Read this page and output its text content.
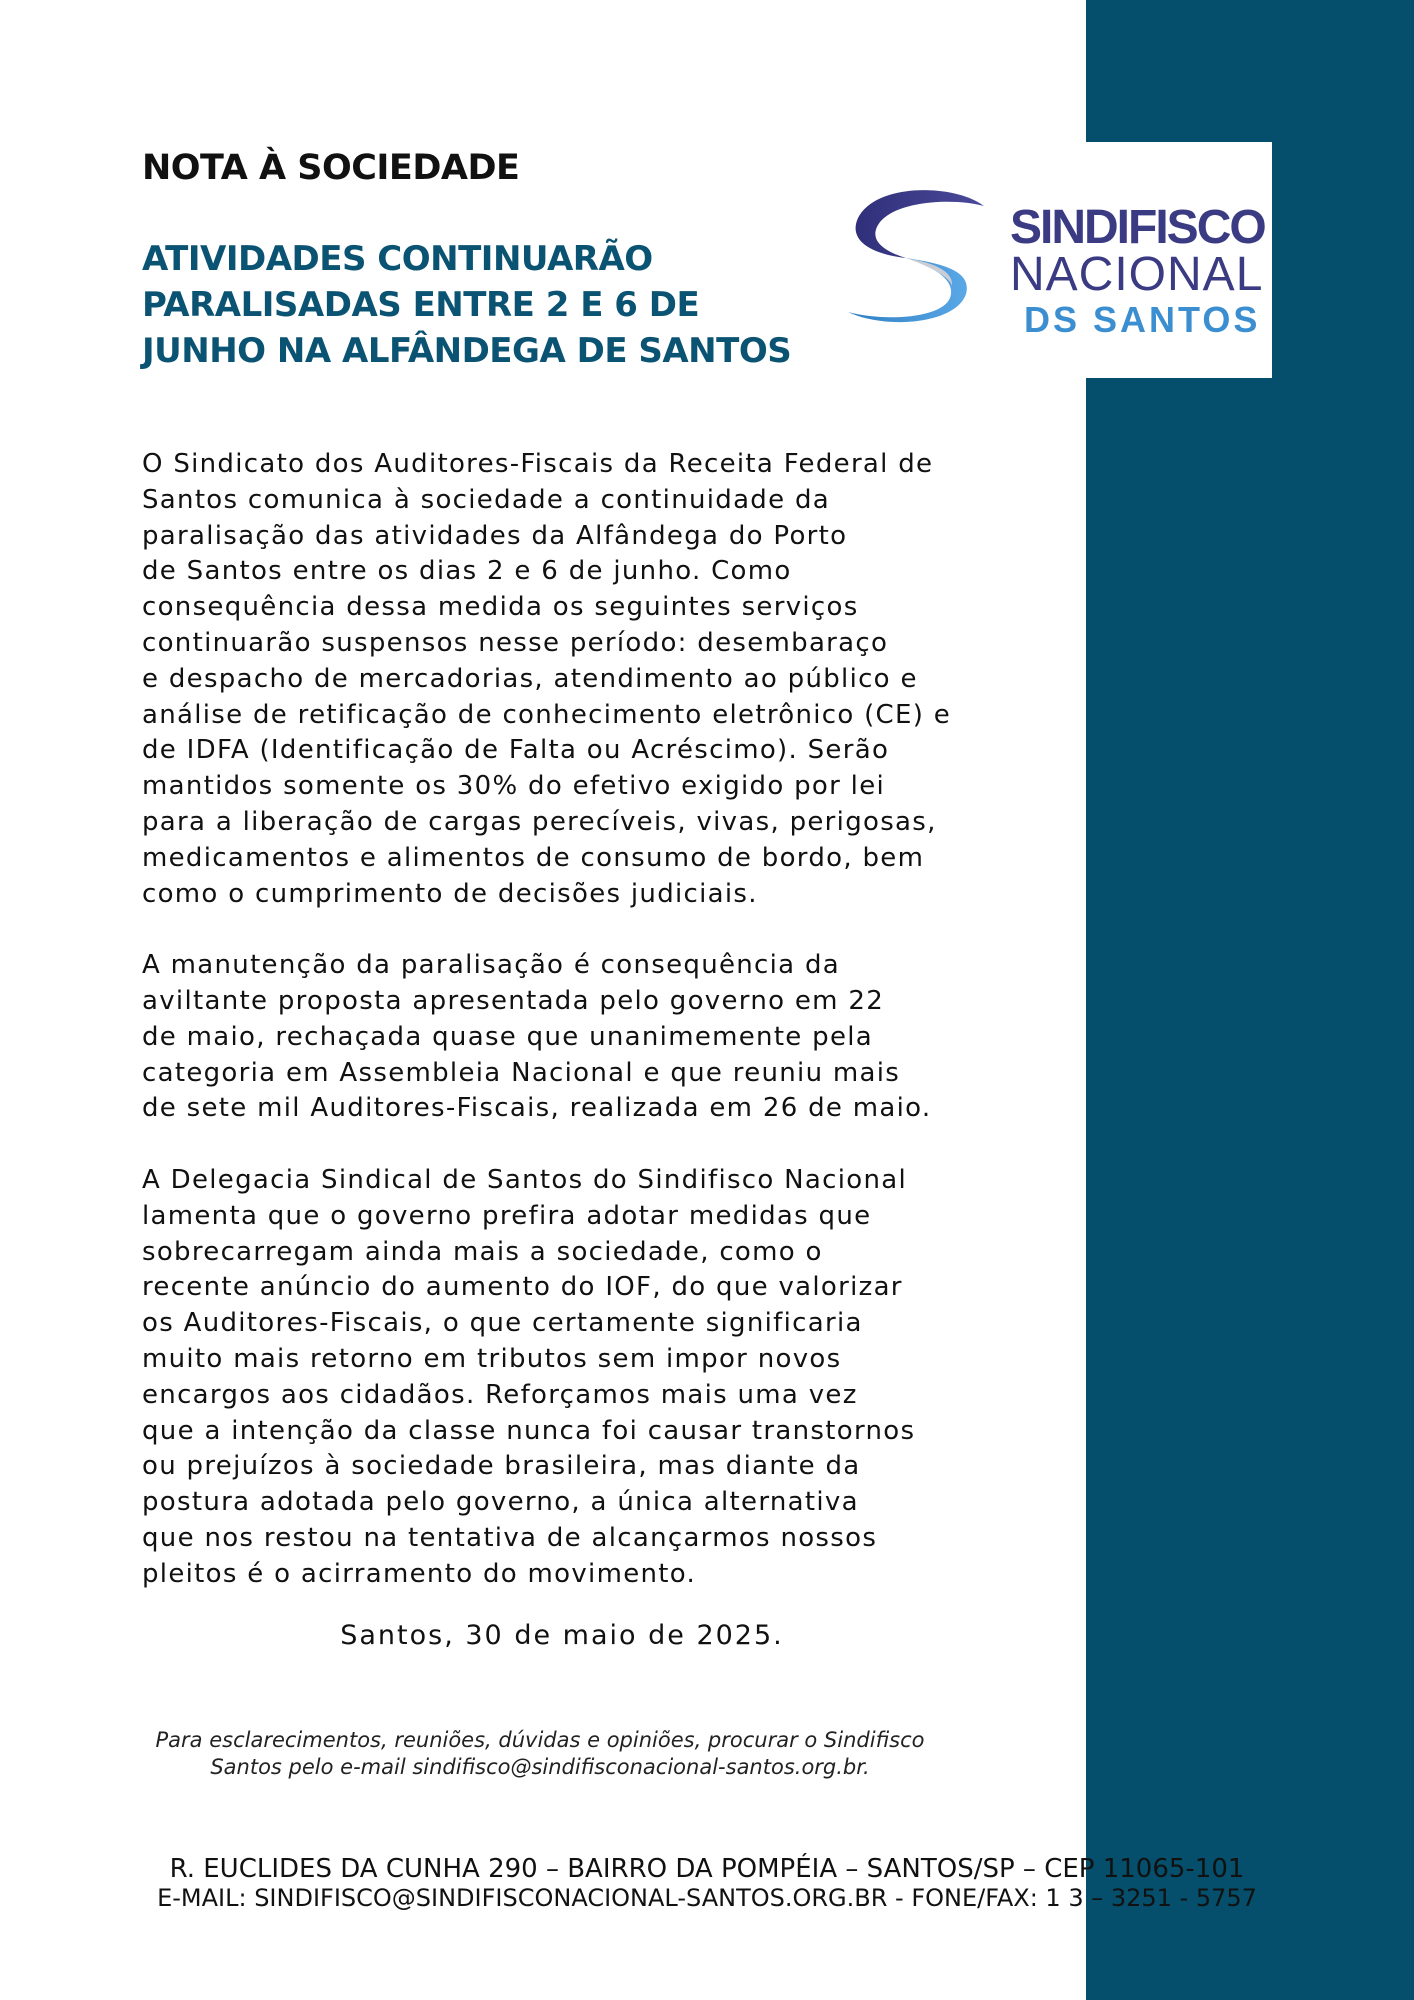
SINDIFISCO
NACIONAL
DS SANTOS
NOTA À SOCIEDADE
ATIVIDADES CONTINUARÃO
PARALISADAS ENTRE 2 E 6 DE
JUNHO NA ALFÂNDEGA DE SANTOS

O Sindicato dos Auditores-Fiscais da Receita Federal de
Santos comunica à sociedade a continuidade da
paralisação das atividades da Alfândega do Porto
de Santos entre os dias 2 e 6 de junho. Como
consequência dessa medida os seguintes serviços
continuarão suspensos nesse período: desembaraço
e despacho de mercadorias, atendimento ao público e
análise de retificação de conhecimento eletrônico (CE) e
de IDFA (Identificação de Falta ou Acréscimo). Serão
mantidos somente os 30% do efetivo exigido por lei
para a liberação de cargas perecíveis, vivas, perigosas,
medicamentos e alimentos de consumo de bordo, bem
como o cumprimento de decisões judiciais.

A manutenção da paralisação é consequência da
aviltante proposta apresentada pelo governo em 22
de maio, rechaçada quase que unanimemente pela
categoria em Assembleia Nacional e que reuniu mais
de sete mil Auditores-Fiscais, realizada em 26 de maio.

A Delegacia Sindical de Santos do Sindifisco Nacional
lamenta que o governo prefira adotar medidas que
sobrecarregam ainda mais a sociedade, como o
recente anúncio do aumento do IOF, do que valorizar
os Auditores-Fiscais, o que certamente significaria
muito mais retorno em tributos sem impor novos
encargos aos cidadãos. Reforçamos mais uma vez
que a intenção da classe nunca foi causar transtornos
ou prejuízos à sociedade brasileira, mas diante da
postura adotada pelo governo, a única alternativa
que nos restou na tentativa de alcançarmos nossos
pleitos é o acirramento do movimento.

Santos, 30 de maio de 2025.
Para esclarecimentos, reuniões, dúvidas e opiniões, procurar o Sindifisco
Santos pelo e-mail sindifisco@sindifisconacional-santos.org.br.
R. EUCLIDES DA CUNHA 290 – BAIRRO DA POMPÉIA – SANTOS/SP – CEP 11065-101
E-MAIL: SINDIFISCO@SINDIFISCONACIONAL-SANTOS.ORG.BR - FONE/FAX: 1 3 – 3251 - 5757
